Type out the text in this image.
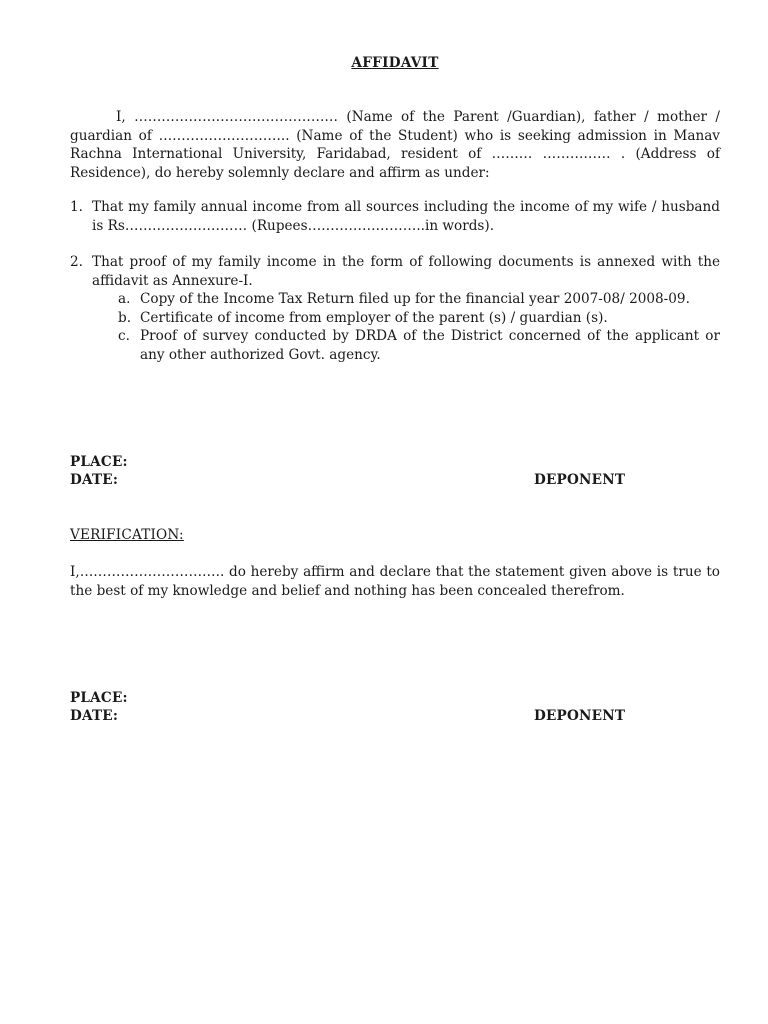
AFFIDAVIT

I, ……………………………………… (Name of the Parent /Guardian), father / mother / guardian of ……………………….. (Name of the Student) who is seeking admission in Manav Rachna International University, Faridabad, resident of ……… …………… . (Address of Residence), do hereby solemnly declare and affirm as under:

1. That my family annual income from all sources including the income of my wife / husband is Rs……………………… (Rupees……………………..in words).
2. That proof of my family income in the form of following documents is annexed with the affidavit as Annexure-I.
a. Copy of the Income Tax Return filed up for the financial year 2007-08/ 2008-09.
b. Certificate of income from employer of the parent (s) / guardian (s).
c. Proof of survey conducted by DRDA of the District concerned of the applicant or any other authorized Govt. agency.
PLACE:
DATE:	DEPONENT
VERIFICATION:

I,………………………….. do hereby affirm and declare that the statement given above is true to the best of my knowledge and belief and nothing has been concealed therefrom.

PLACE:
DATE:	DEPONENT
